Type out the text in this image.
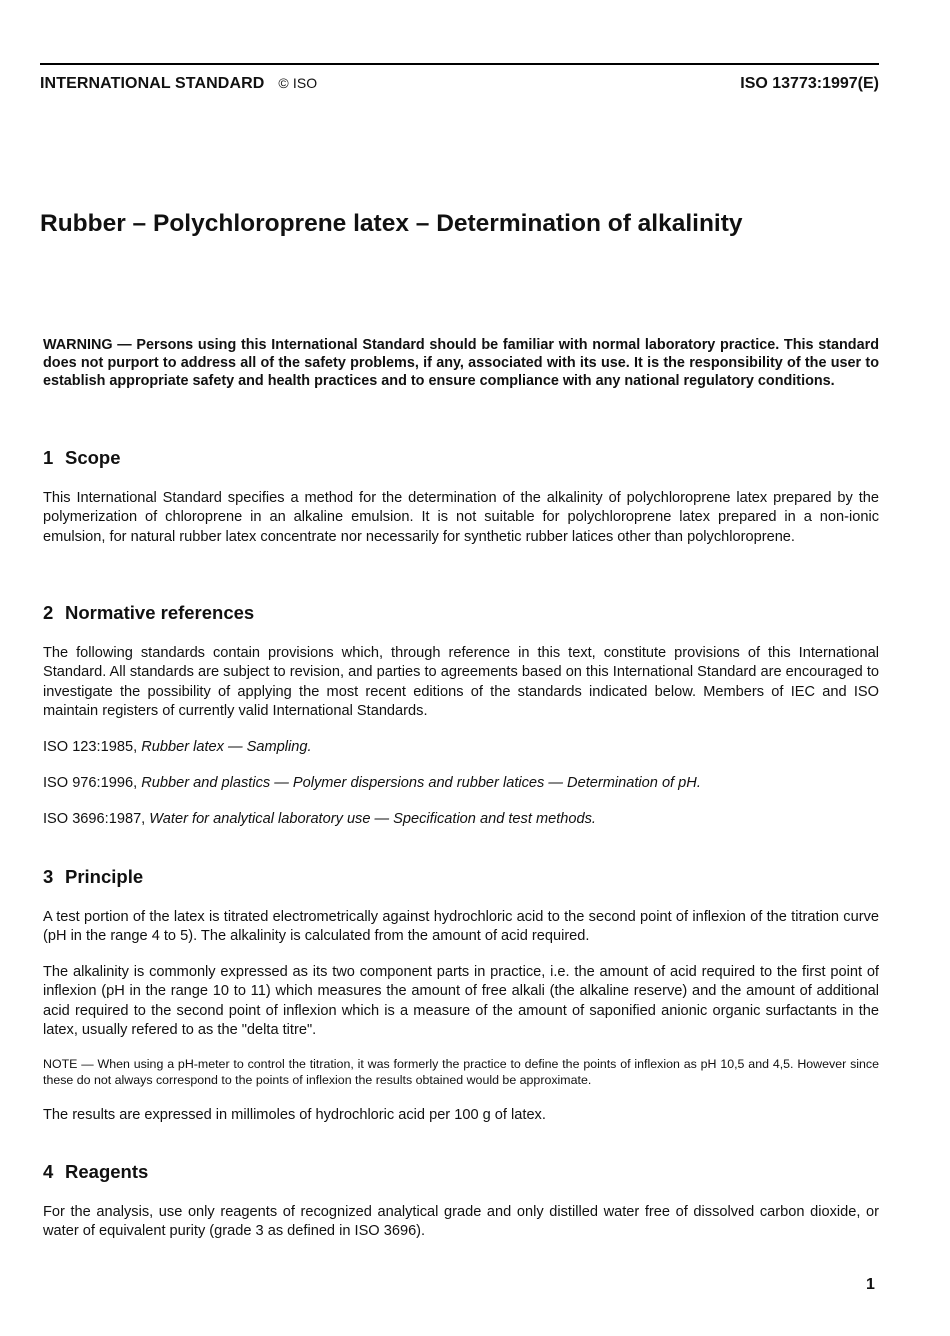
INTERNATIONAL STANDARD © ISO	ISO 13773:1997(E)
Rubber – Polychloroprene latex – Determination of alkalinity

WARNING — Persons using this International Standard should be familiar with normal laboratory practice. This standard does not purport to address all of the safety problems, if any, associated with its use. It is the responsibility of the user to establish appropriate safety and health practices and to ensure compliance with any national regulatory conditions.

1 Scope

This International Standard specifies a method for the determination of the alkalinity of polychloroprene latex prepared by the polymerization of chloroprene in an alkaline emulsion. It is not suitable for polychloroprene latex prepared in a non-ionic emulsion, for natural rubber latex concentrate nor necessarily for synthetic rubber latices other than polychloroprene.

2 Normative references

The following standards contain provisions which, through reference in this text, constitute provisions of this International Standard. All standards are subject to revision, and parties to agreements based on this International Standard are encouraged to investigate the possibility of applying the most recent editions of the standards indicated below. Members of IEC and ISO maintain registers of currently valid International Standards.

ISO 123:1985, Rubber latex — Sampling.

ISO 976:1996, Rubber and plastics — Polymer dispersions and rubber latices — Determination of pH.

ISO 3696:1987, Water for analytical laboratory use — Specification and test methods.

3 Principle

A test portion of the latex is titrated electrometrically against hydrochloric acid to the second point of inflexion of the titration curve (pH in the range 4 to 5). The alkalinity is calculated from the amount of acid required.

The alkalinity is commonly expressed as its two component parts in practice, i.e. the amount of acid required to the first point of inflexion (pH in the range 10 to 11) which measures the amount of free alkali (the alkaline reserve) and the amount of additional acid required to the second point of inflexion which is a measure of the amount of saponified anionic organic surfactants in the latex, usually refered to as the "delta titre".

NOTE — When using a pH-meter to control the titration, it was formerly the practice to define the points of inflexion as pH 10,5 and 4,5. However since these do not always correspond to the points of inflexion the results obtained would be approximate.

The results are expressed in millimoles of hydrochloric acid per 100 g of latex.

4 Reagents

For the analysis, use only reagents of recognized analytical grade and only distilled water free of dissolved carbon dioxide, or water of equivalent purity (grade 3 as defined in ISO 3696).

1
